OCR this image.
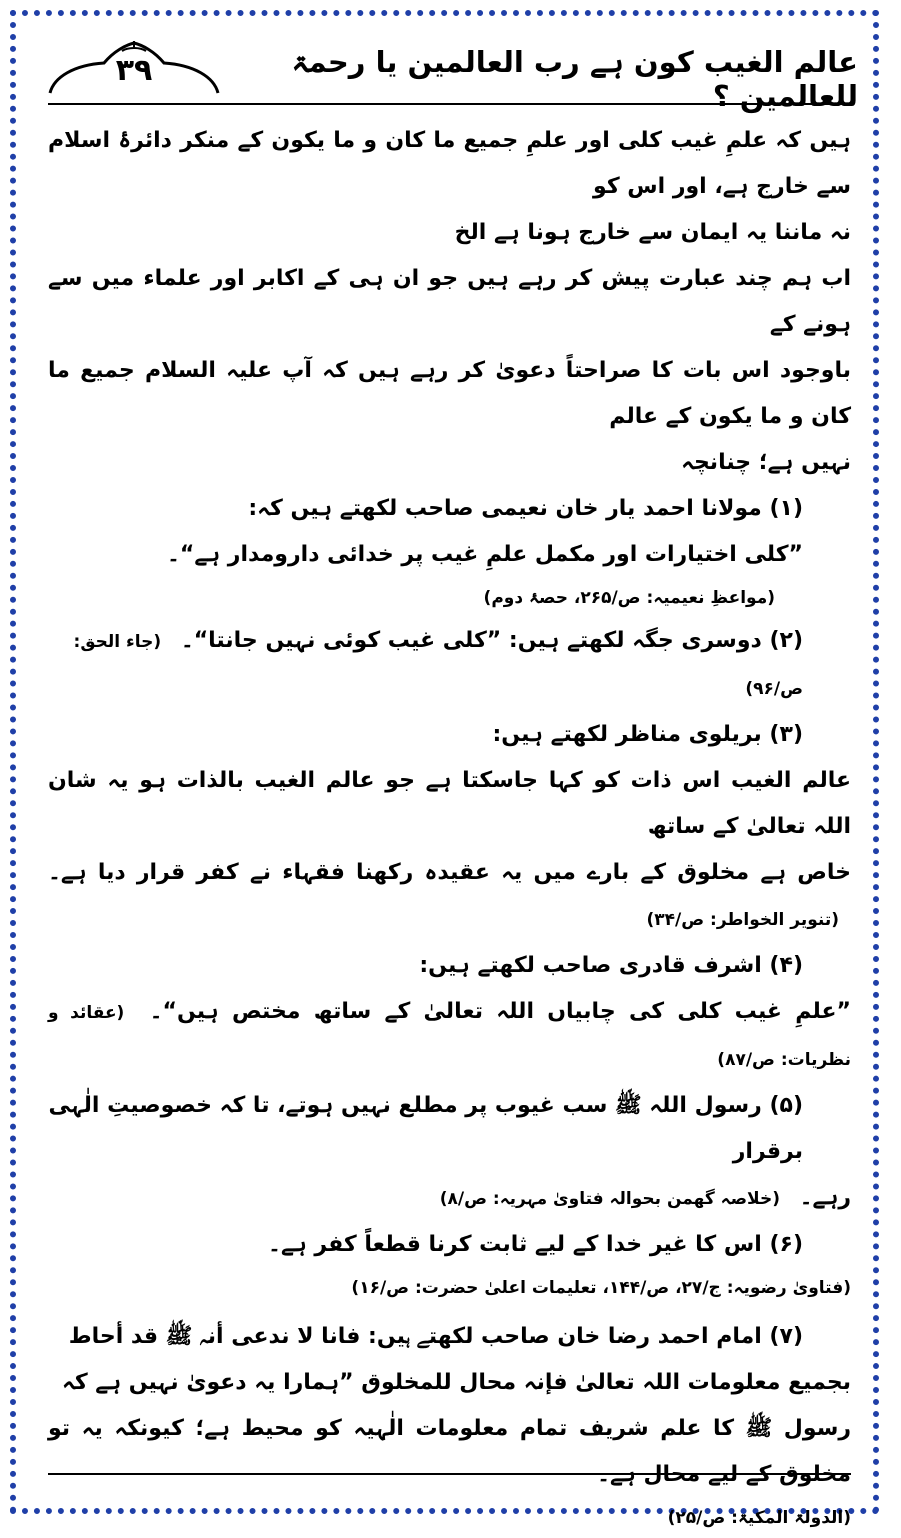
٣٩	عالم الغیب کون ہے رب العالمین یا رحمۃ للعالمین ؟

ہیں کہ علمِ غیب کلی اور علمِ جمیع ما کان و ما یکون کے منکر دائرۂ اسلام سے خارج ہے، اور اس کو

نہ ماننا یہ ایمان سے خارج ہونا ہے الخ

اب ہم چند عبارت پیش کر رہے ہیں جو ان ہی کے اکابر اور علماء میں سے ہونے کے

باوجود اس بات کا صراحتاً دعویٰ کر رہے ہیں کہ آپ علیہ السلام جمیع ما کان و ما یکون کے عالم

نہیں ہے؛ چنانچہ

(۱) مولانا احمد یار خان نعیمی صاحب لکھتے ہیں کہ:

”کلی اختیارات اور مکمل علمِ غیب پر خدائی دارومدار ہے“۔

(مواعظِ نعیمیہ: ص/۲۶۵، حصۂ دوم)

(۲) دوسری جگہ لکھتے ہیں: ”کلی غیب کوئی نہیں جانتا“۔ (جاء الحق: ص/۹۶)

(۳) بریلوی مناظر لکھتے ہیں:

عالم الغیب اس ذات کو کہا جاسکتا ہے جو عالم الغیب بالذات ہو یہ شان اللہ تعالیٰ کے ساتھ

خاص ہے مخلوق کے بارے میں یہ عقیدہ رکھنا فقہاء نے کفر قرار دیا ہے۔ (تنویر الخواطر: ص/۳۴)

(۴) اشرف قادری صاحب لکھتے ہیں:

”علمِ غیب کلی کی چابیاں اللہ تعالیٰ کے ساتھ مختص ہیں“۔ (عقائد و نظریات: ص/۸۷)

(۵) رسول اللہ ﷺ سب غیوب پر مطلع نہیں ہوتے، تا کہ خصوصیتِ الٰہی برقرار

رہے۔ (خلاصہ گھمن بحوالہ فتاویٰ مہریہ: ص/۸)

(۶) اس کا غیر خدا کے لیے ثابت کرنا قطعاً کفر ہے۔

(فتاویٰ رضویہ: ج/۲۷، ص/۱۴۴، تعلیمات اعلیٰ حضرت: ص/۱۶)

(۷) امام احمد رضا خان صاحب لکھتے ہیں: فانا لا ندعی أنہ ﷺ قد أحاط

بجمیع معلومات اللہ تعالیٰ فإنہ محال للمخلوق ”ہمارا یہ دعویٰ نہیں ہے کہ

رسول ﷺ کا علم شریف تمام معلومات الٰہیہ کو محیط ہے؛ کیونکہ یہ تو مخلوق کے لیے محال ہے۔

(الدولۃ المکیۃ: ص/۲۵)
